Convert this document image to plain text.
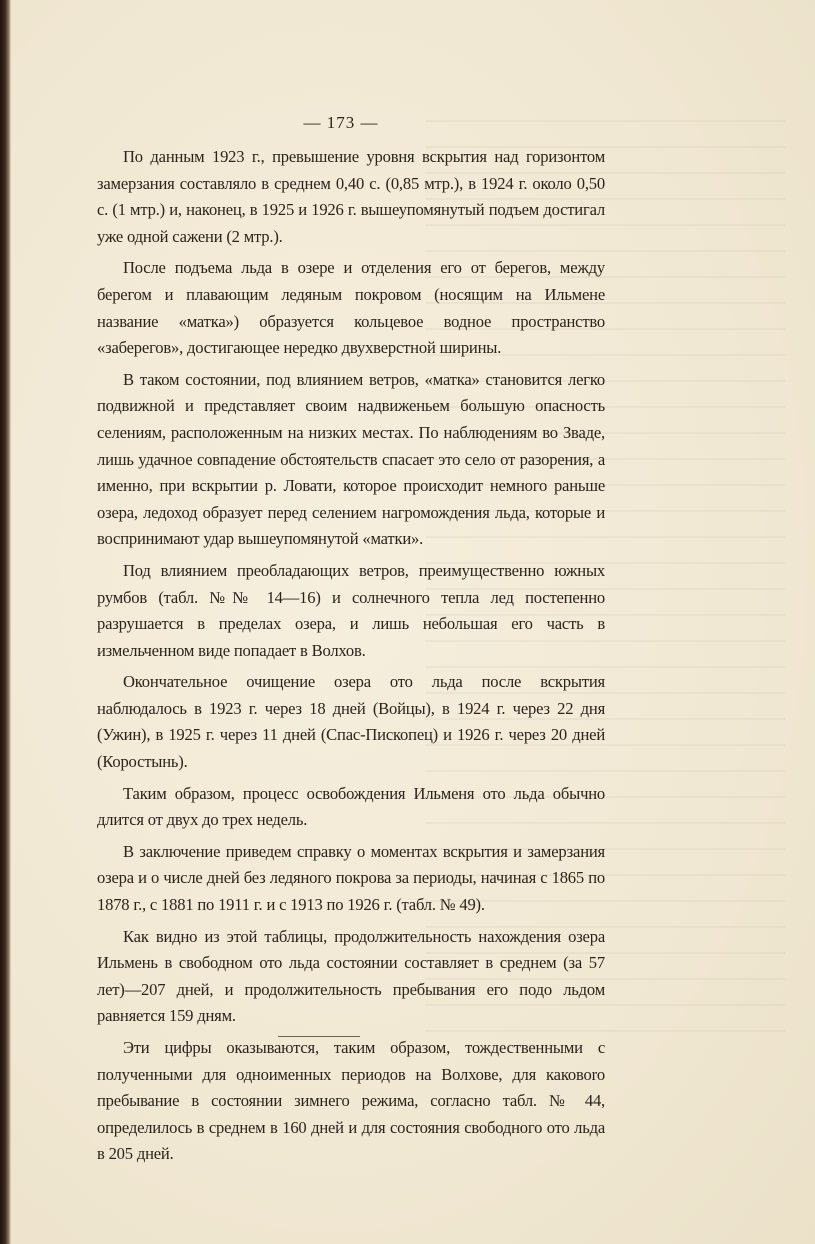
— 173 —

По данным 1923 г., превышение уровня вскрытия над горизонтом замерзания составляло в среднем 0,40 с. (0,85 мтр.), в 1924 г. около 0,50 с. (1 мтр.) и, наконец, в 1925 и 1926 г. вышеупомянутый подъем достигал уже одной сажени (2 мтр.).

После подъема льда в озере и отделения его от берегов, между берегом и плавающим ледяным покровом (носящим на Ильмене название «матка») образуется кольцевое водное пространство «заберегов», достигающее нередко двухверстной ширины.

В таком состоянии, под влиянием ветров, «матка» становится легко подвижной и представляет своим надвиженьем большую опасность селениям, расположенным на низких местах. По наблюдениям во Зваде, лишь удачное совпадение обстоятельств спасает это село от разорения, а именно, при вскрытии р. Ловати, которое происходит немного раньше озера, ледоход образует перед селением нагромождения льда, которые и воспринимают удар вышеупомянутой «матки».

Под влиянием преобладающих ветров, преимущественно южных румбов (табл. №№ 14—16) и солнечного тепла лед постепенно разрушается в пределах озера, и лишь небольшая его часть в измельченном виде попадает в Волхов.

Окончательное очищение озера ото льда после вскрытия наблюдалось в 1923 г. через 18 дней (Войцы), в 1924 г. через 22 дня (Ужин), в 1925 г. через 11 дней (Спас-Пископец) и 1926 г. через 20 дней (Коростынь).

Таким образом, процесс освобождения Ильменя ото льда обычно длится от двух до трех недель.

В заключение приведем справку о моментах вскрытия и замерзания озера и о числе дней без ледяного покрова за периоды, начиная с 1865 по 1878 г., с 1881 по 1911 г. и с 1913 по 1926 г. (табл. № 49).

Как видно из этой таблицы, продолжительность нахождения озера Ильмень в свободном ото льда состоянии составляет в среднем (за 57 лет)—207 дней, и продолжительность пребывания его подо льдом равняется 159 дням.

Эти цифры оказываются, таким образом, тождественными с полученными для одноименных периодов на Волхове, для каковоrо пребывание в состоянии зимнего режима, согласно табл. № 44, определилось в среднем в 160 дней и для состояния свободного ото льда в 205 дней.
